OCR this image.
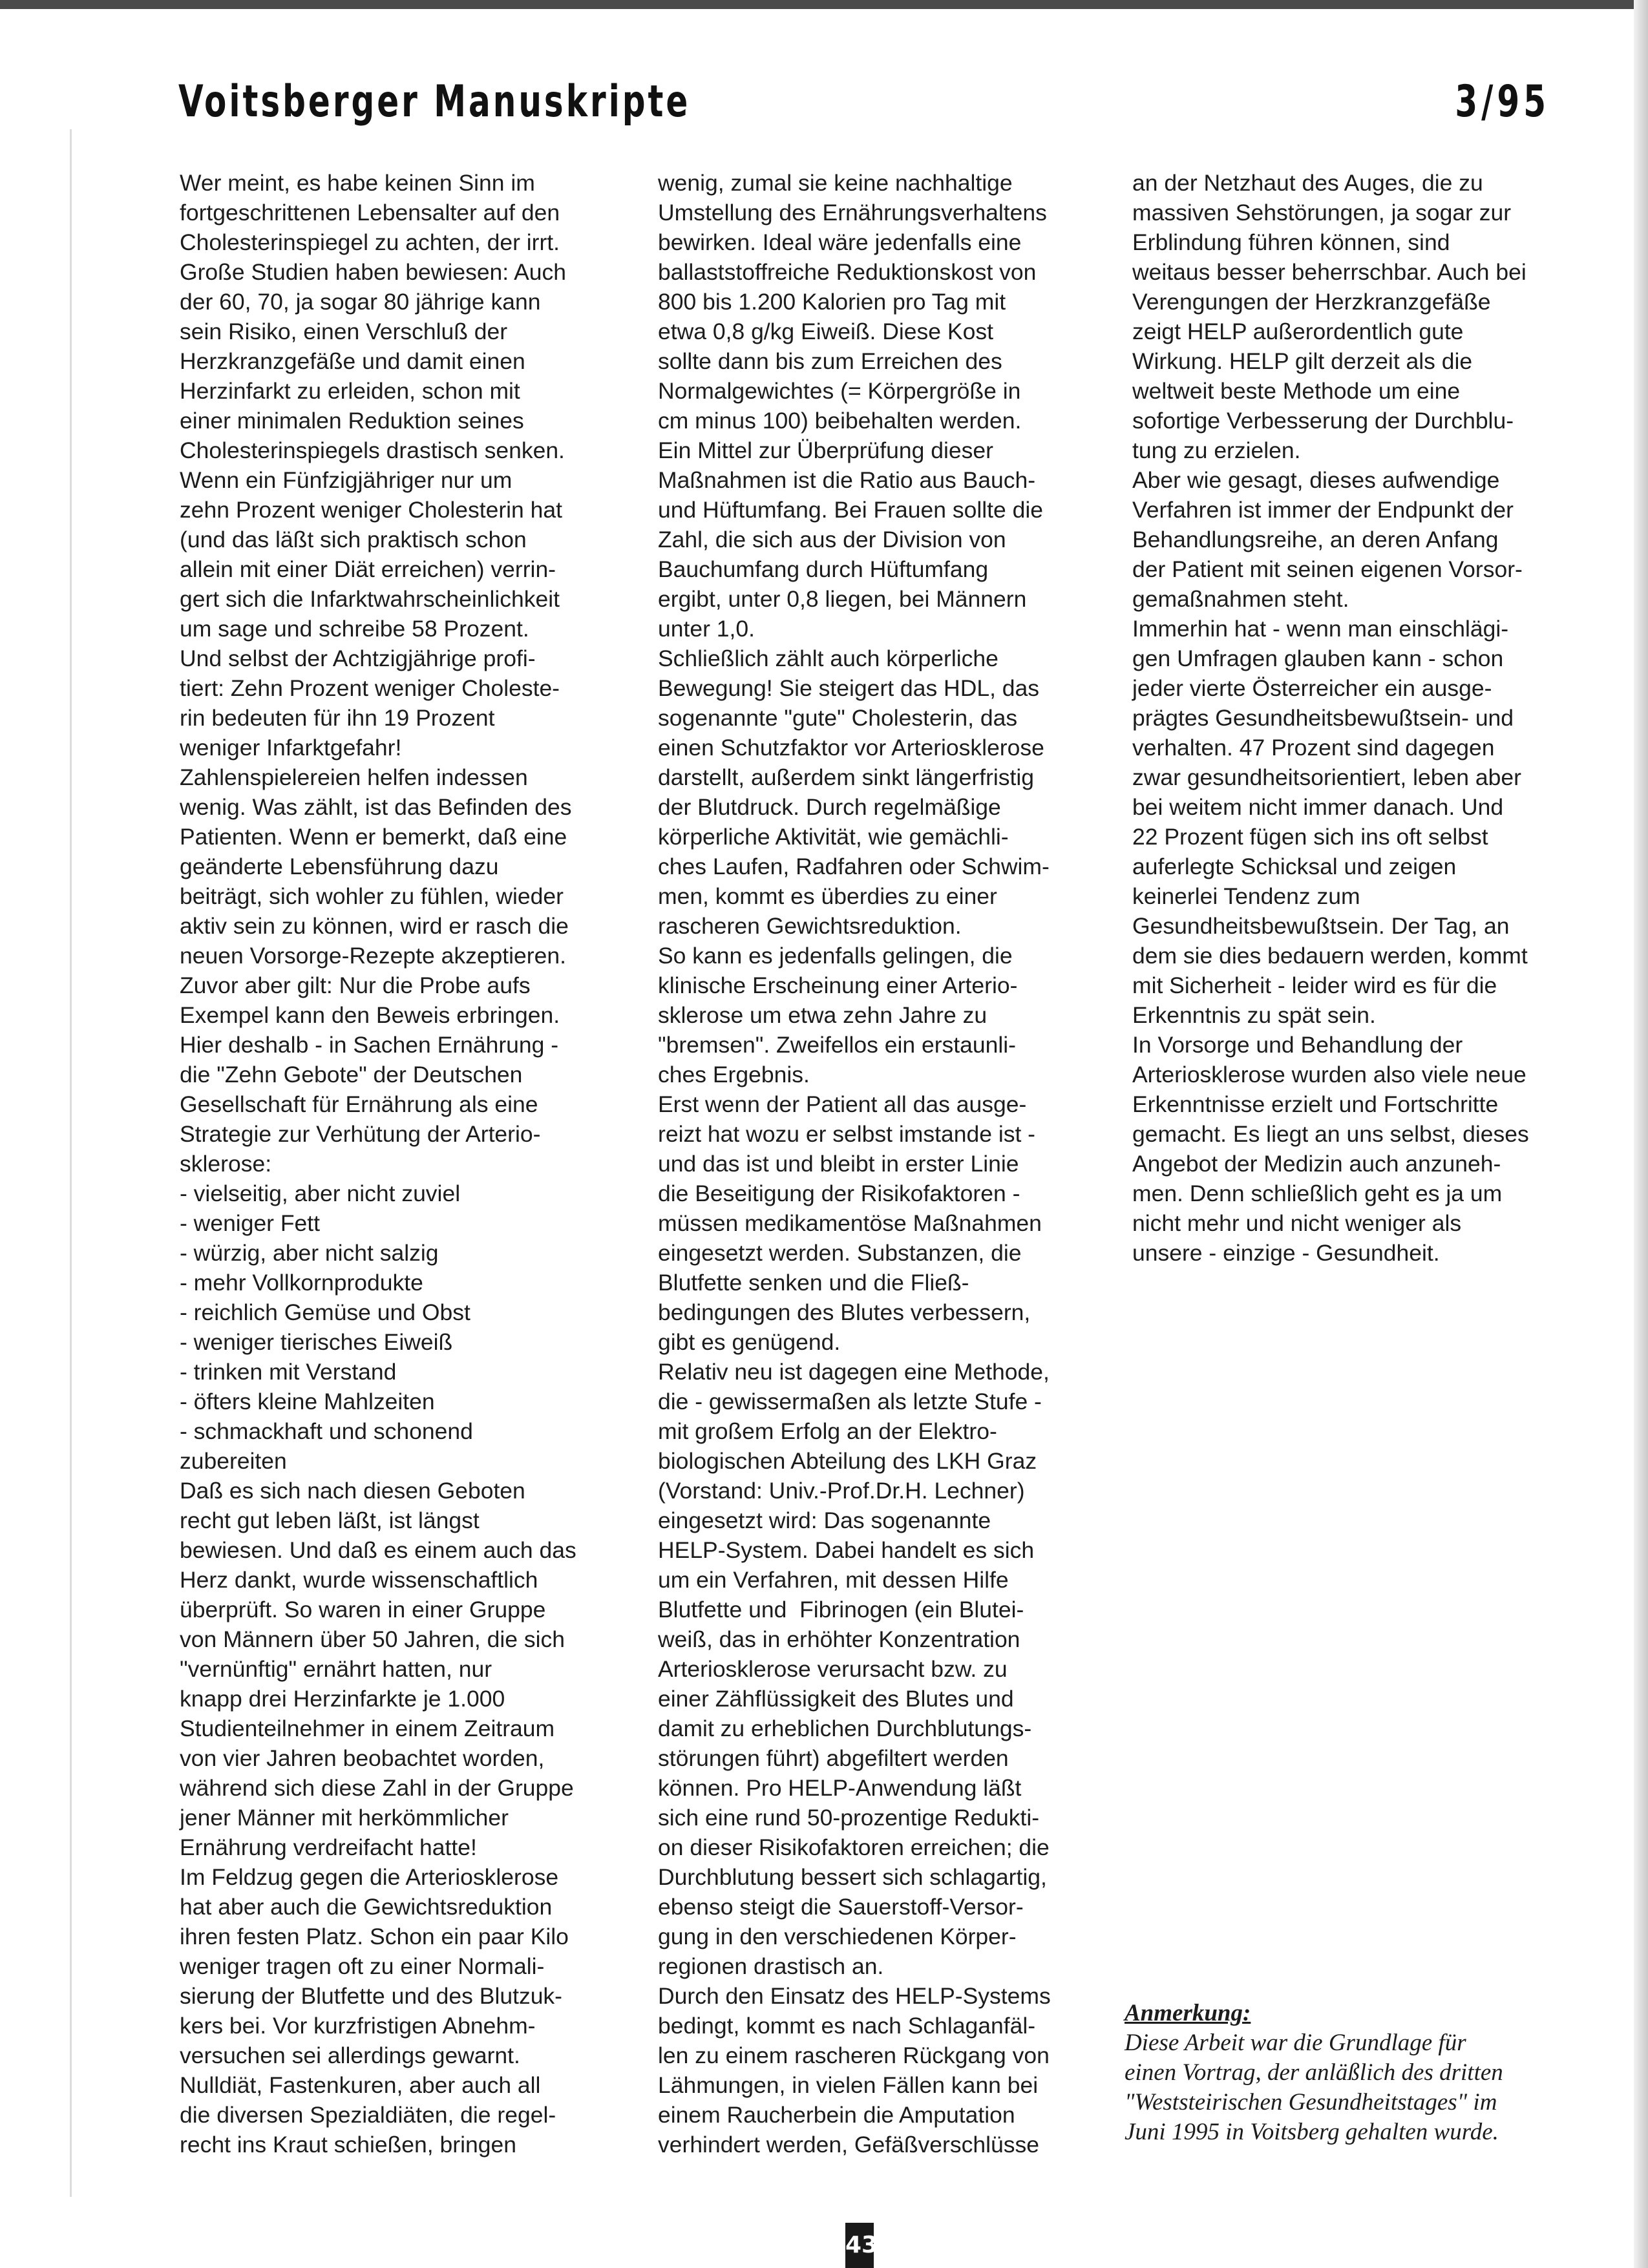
Voitsberger Manuskripte	3/95
Wer meint, es habe keinen Sinn im
fortgeschrittenen Lebensalter auf den
Cholesterinspiegel zu achten, der irrt.
Große Studien haben bewiesen: Auch
der 60, 70, ja sogar 80 jährige kann
sein Risiko, einen Verschluß der
Herzkranzgefäße und damit einen
Herzinfarkt zu erleiden, schon mit
einer minimalen Reduktion seines
Cholesterinspiegels drastisch senken.
Wenn ein Fünfzigjähriger nur um
zehn Prozent weniger Cholesterin hat
(und das läßt sich praktisch schon
allein mit einer Diät erreichen) verrin-
gert sich die Infarktwahrscheinlichkeit
um sage und schreibe 58 Prozent.
Und selbst der Achtzigjährige profi-
tiert: Zehn Prozent weniger Choleste-
rin bedeuten für ihn 19 Prozent
weniger Infarktgefahr!
Zahlenspielereien helfen indessen
wenig. Was zählt, ist das Befinden des
Patienten. Wenn er bemerkt, daß eine
geänderte Lebensführung dazu
beiträgt, sich wohler zu fühlen, wieder
aktiv sein zu können, wird er rasch die
neuen Vorsorge-Rezepte akzeptieren.
Zuvor aber gilt: Nur die Probe aufs
Exempel kann den Beweis erbringen.
Hier deshalb - in Sachen Ernährung -
die "Zehn Gebote" der Deutschen
Gesellschaft für Ernährung als eine
Strategie zur Verhütung der Arterio-
sklerose:
- vielseitig, aber nicht zuviel
- weniger Fett
- würzig, aber nicht salzig
- mehr Vollkornprodukte
- reichlich Gemüse und Obst
- weniger tierisches Eiweiß
- trinken mit Verstand
- öfters kleine Mahlzeiten
- schmackhaft und schonend
zubereiten
Daß es sich nach diesen Geboten
recht gut leben läßt, ist längst
bewiesen. Und daß es einem auch das
Herz dankt, wurde wissenschaftlich
überprüft. So waren in einer Gruppe
von Männern über 50 Jahren, die sich
"vernünftig" ernährt hatten, nur
knapp drei Herzinfarkte je 1.000
Studienteilnehmer in einem Zeitraum
von vier Jahren beobachtet worden,
während sich diese Zahl in der Gruppe
jener Männer mit herkömmlicher
Ernährung verdreifacht hatte!
Im Feldzug gegen die Arteriosklerose
hat aber auch die Gewichtsreduktion
ihren festen Platz. Schon ein paar Kilo
weniger tragen oft zu einer Normali-
sierung der Blutfette und des Blutzuk-
kers bei. Vor kurzfristigen Abnehm-
versuchen sei allerdings gewarnt.
Nulldiät, Fastenkuren, aber auch all
die diversen Spezialdiäten, die regel-
recht ins Kraut schießen, bringen
wenig, zumal sie keine nachhaltige
Umstellung des Ernährungsverhaltens
bewirken. Ideal wäre jedenfalls eine
ballaststoffreiche Reduktionskost von
800 bis 1.200 Kalorien pro Tag mit
etwa 0,8 g/kg Eiweiß. Diese Kost
sollte dann bis zum Erreichen des
Normalgewichtes (= Körpergröße in
cm minus 100) beibehalten werden.
Ein Mittel zur Überprüfung dieser
Maßnahmen ist die Ratio aus Bauch-
und Hüftumfang. Bei Frauen sollte die
Zahl, die sich aus der Division von
Bauchumfang durch Hüftumfang
ergibt, unter 0,8 liegen, bei Männern
unter 1,0.
Schließlich zählt auch körperliche
Bewegung! Sie steigert das HDL, das
sogenannte "gute" Cholesterin, das
einen Schutzfaktor vor Arteriosklerose
darstellt, außerdem sinkt längerfristig
der Blutdruck. Durch regelmäßige
körperliche Aktivität, wie gemächli-
ches Laufen, Radfahren oder Schwim-
men, kommt es überdies zu einer
rascheren Gewichtsreduktion.
So kann es jedenfalls gelingen, die
klinische Erscheinung einer Arterio-
sklerose um etwa zehn Jahre zu
"bremsen". Zweifellos ein erstaunli-
ches Ergebnis.
Erst wenn der Patient all das ausge-
reizt hat wozu er selbst imstande ist -
und das ist und bleibt in erster Linie
die Beseitigung der Risikofaktoren -
müssen medikamentöse Maßnahmen
eingesetzt werden. Substanzen, die
Blutfette senken und die Fließ-
bedingungen des Blutes verbessern,
gibt es genügend.
Relativ neu ist dagegen eine Methode,
die - gewissermaßen als letzte Stufe -
mit großem Erfolg an der Elektro-
biologischen Abteilung des LKH Graz
(Vorstand: Univ.-Prof.Dr.H. Lechner)
eingesetzt wird: Das sogenannte
HELP-System. Dabei handelt es sich
um ein Verfahren, mit dessen Hilfe
Blutfette und  Fibrinogen (ein Blutei-
weiß, das in erhöhter Konzentration
Arteriosklerose verursacht bzw. zu
einer Zähflüssigkeit des Blutes und
damit zu erheblichen Durchblutungs-
störungen führt) abgefiltert werden
können. Pro HELP-Anwendung läßt
sich eine rund 50-prozentige Redukti-
on dieser Risikofaktoren erreichen; die
Durchblutung bessert sich schlagartig,
ebenso steigt die Sauerstoff-Versor-
gung in den verschiedenen Körper-
regionen drastisch an.
Durch den Einsatz des HELP-Systems
bedingt, kommt es nach Schlaganfäl-
len zu einem rascheren Rückgang von
Lähmungen, in vielen Fällen kann bei
einem Raucherbein die Amputation
verhindert werden, Gefäßverschlüsse
an der Netzhaut des Auges, die zu
massiven Sehstörungen, ja sogar zur
Erblindung führen können, sind
weitaus besser beherrschbar. Auch bei
Verengungen der Herzkranzgefäße
zeigt HELP außerordentlich gute
Wirkung. HELP gilt derzeit als die
weltweit beste Methode um eine
sofortige Verbesserung der Durchblu-
tung zu erzielen.
Aber wie gesagt, dieses aufwendige
Verfahren ist immer der Endpunkt der
Behandlungsreihe, an deren Anfang
der Patient mit seinen eigenen Vorsor-
gemaßnahmen steht.
Immerhin hat - wenn man einschlägi-
gen Umfragen glauben kann - schon
jeder vierte Österreicher ein ausge-
prägtes Gesundheitsbewußtsein- und
verhalten. 47 Prozent sind dagegen
zwar gesundheitsorientiert, leben aber
bei weitem nicht immer danach. Und
22 Prozent fügen sich ins oft selbst
auferlegte Schicksal und zeigen
keinerlei Tendenz zum
Gesundheitsbewußtsein. Der Tag, an
dem sie dies bedauern werden, kommt
mit Sicherheit - leider wird es für die
Erkenntnis zu spät sein.
In Vorsorge und Behandlung der
Arteriosklerose wurden also viele neue
Erkenntnisse erzielt und Fortschritte
gemacht. Es liegt an uns selbst, dieses
Angebot der Medizin auch anzuneh-
men. Denn schließlich geht es ja um
nicht mehr und nicht weniger als
unsere - einzige - Gesundheit.
Anmerkung:
Diese Arbeit war die Grundlage für
einen Vortrag, der anläßlich des dritten
"Weststeirischen Gesundheitstages" im
Juni 1995 in Voitsberg gehalten wurde.
43
